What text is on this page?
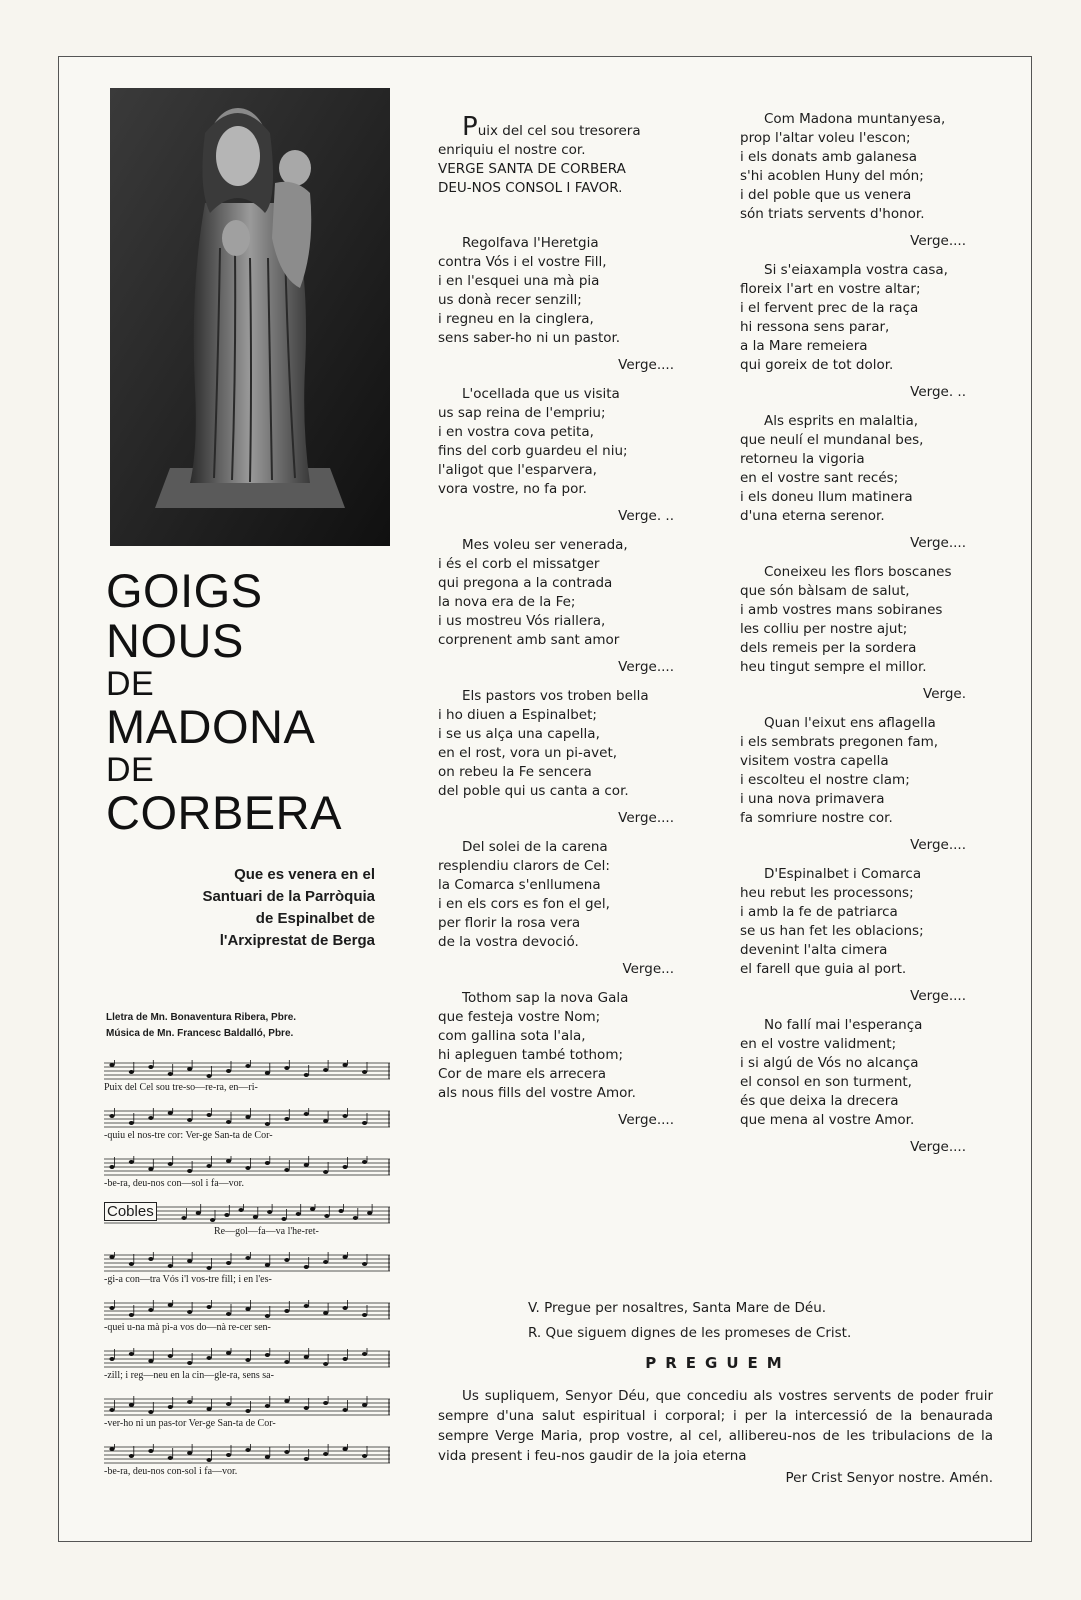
GOIGS
NOUS
DE
MADONA
DE
CORBERA
Que es venera en el
Santuari de la Parròquia
de Espinalbet de
l'Arxiprestat de Berga
Lletra de Mn. Bonaventura Ribera, Pbre.
Música de Mn. Francesc Baldalló, Pbre.
Puix del Cel sou tre-so—re-ra, en—ri-
-quiu el nos-tre cor: Ver-ge San-ta de Cor-
-be-ra, deu-nos con—sol i fa—vor.
Cobles
Re—gol—fa—va l'he-ret-
-gi-a con—tra Vós i'l vos-tre fill; i en l'es-
-quei u-na mà pi-a vos do—nà re-cer sen-
-zill; i reg—neu en la cin—gle-ra, sens sa-
-ver-ho ni un pas-tor Ver-ge San-ta de Cor-
-be-ra, deu-nos con-sol i fa—vor.
Puix del cel sou tresorera
enriquiu el nostre cor.
VERGE SANTA DE CORBERA
DEU-NOS CONSOL I FAVOR.
Regolfava l'Heretgia
contra Vós i el vostre Fill,
i en l'esquei una mà pia
us donà recer senzill;
i regneu en la cinglera,
sens saber-ho ni un pastor.
Verge....
L'ocellada que us visita
us sap reina de l'empriu;
i en vostra cova petita,
fins del corb guardeu el niu;
l'aligot que l'esparvera,
vora vostre, no fa por.
Verge. ..
Mes voleu ser venerada,
i és el corb el missatger
qui pregona a la contrada
la nova era de la Fe;
i us mostreu Vós riallera,
corprenent amb sant amor
Verge....
Els pastors vos troben bella
i ho diuen a Espinalbet;
i se us alça una capella,
en el rost, vora un pi-avet,
on rebeu la Fe sencera
del poble qui us canta a cor.
Verge....
Del solei de la carena
resplendiu clarors de Cel:
la Comarca s'enllumena
i en els cors es fon el gel,
per florir la rosa vera
de la vostra devoció.
Verge...
Tothom sap la nova Gala
que festeja vostre Nom;
com gallina sota l'ala,
hi apleguen també tothom;
Cor de mare els arrecera
als nous fills del vostre Amor.
Verge....
Com Madona muntanyesa,
prop l'altar voleu l'escon;
i els donats amb galanesa
s'hi acoblen Huny del món;
i del poble que us venera
són triats servents d'honor.
Verge....
Si s'eiaxampla vostra casa,
floreix l'art en vostre altar;
i el fervent prec de la raça
hi ressona sens parar,
a la Mare remeiera
qui goreix de tot dolor.
Verge. ..
Als esprits en malaltia,
que neulí el mundanal bes,
retorneu la vigoria
en el vostre sant recés;
i els doneu llum matinera
d'una eterna serenor.
Verge....
Coneixeu les flors boscanes
que són bàlsam de salut,
i amb vostres mans sobiranes
les colliu per nostre ajut;
dels remeis per la sordera
heu tingut sempre el millor.
Verge.
Quan l'eixut ens aflagella
i els sembrats pregonen fam,
visitem vostra capella
i escolteu el nostre clam;
i una nova primavera
fa somriure nostre cor.
Verge....
D'Espinalbet i Comarca
heu rebut les processons;
i amb la fe de patriarca
se us han fet les oblacions;
devenint l'alta cimera
el farell que guia al port.
Verge....
No fallí mai l'esperança
en el vostre validment;
i si algú de Vós no alcança
el consol en son turment,
és que deixa la drecera
que mena al vostre Amor.
Verge....
V. Pregue per nosaltres, Santa Mare de Déu.
R. Que siguem dignes de les promeses de Crist.
PREGUEM
Us supliquem, Senyor Déu, que concediu als vostres servents de poder fruir sempre d'una salut espiritual i corporal; i per la intercessió de la benaurada sempre Verge Maria, prop vostre, al cel, allibereu-nos de les tribulacions de la vida present i feu-nos gaudir de la joia eterna
Per Crist Senyor nostre. Amén.
